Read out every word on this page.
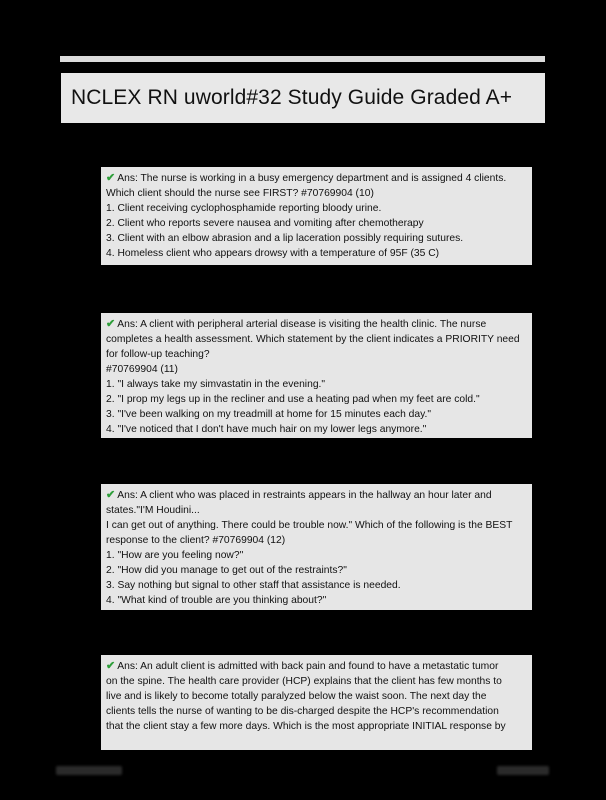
NCLEX RN uworld#32 Study Guide Graded A+
✔ Ans: The nurse is working in a busy emergency department and is assigned 4 clients.
Which client should the nurse see FIRST? #70769904 (10)
1. Client receiving cyclophosphamide reporting bloody urine.
2. Client who reports severe nausea and vomiting after chemotherapy
3. Client with an elbow abrasion and a lip laceration possibly requiring sutures.
4. Homeless client who appears drowsy with a temperature of 95F (35 C)
✔ Ans: A client with peripheral arterial disease is visiting the health clinic. The nurse
completes a health assessment. Which statement by the client indicates a PRIORITY need
for follow-up teaching?
#70769904 (11)
1. "I always take my simvastatin in the evening."
2. "I prop my legs up in the recliner and use a heating pad when my feet are cold."
3. "I've been walking on my treadmill at home for 15 minutes each day."
4. "I've noticed that I don't have much hair on my lower legs anymore."
✔ Ans: A client who was placed in restraints appears in the hallway an hour later and
states."I'M Houdini...
I can get out of anything. There could be trouble now." Which of the following is the BEST
response to the client? #70769904 (12)
1. "How are you feeling now?"
2. "How did you manage to get out of the restraints?"
3. Say nothing but signal to other staff that assistance is needed.
4. "What kind of trouble are you thinking about?"
✔ Ans: An adult client is admitted with back pain and found to have a metastatic tumor
on the spine. The health care provider (HCP) explains that the client has few months to
live and is likely to become totally paralyzed below the waist soon. The next day the
clients tells the nurse of wanting to be dis-charged despite the HCP's recommendation
that the client stay a few more days. Which is the most appropriate INITIAL response by
